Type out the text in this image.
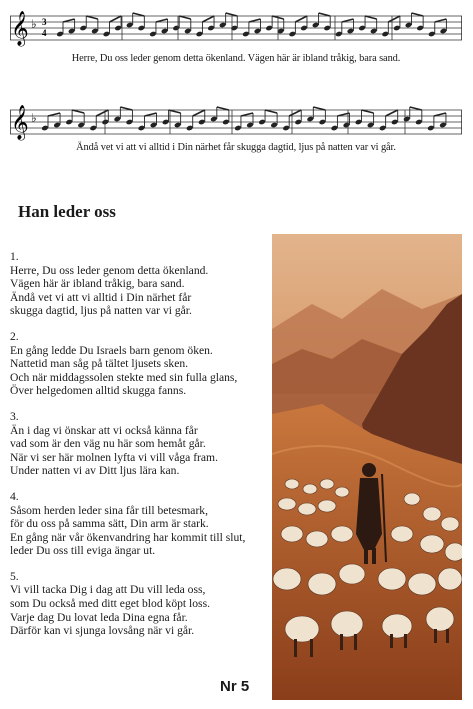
𝄞 ♭ 3
4
Herre, Du oss leder genom detta ökenland. Vägen här är ibland tråkig, bara sand.
𝄞 ♭
Ändå vet vi att vi alltid i Din närhet får skugga dagtid, ljus på natten var vi går.
Han leder oss
1.
Herre, Du oss leder genom detta ökenland.
Vägen här är ibland tråkig, bara sand.
Ändå vet vi att vi alltid i Din närhet får
skugga dagtid, ljus på natten var vi går.
2.
En gång ledde Du Israels barn genom öken.
Nattetid man såg på tältet ljusets sken.
Och när middagssolen stekte med sin fulla glans,
Över helgedomen alltid skugga fanns.
3.
Än i dag vi önskar att vi också känna får
vad som är den väg nu här som hemåt går.
När vi ser här molnen lyfta vi vill våga fram.
Under natten vi av Ditt ljus lära kan.
4.
Såsom herden leder sina får till betesmark,
för du oss på samma sätt, Din arm är stark.
En gång när vår ökenvandring har kommit till slut,
leder Du oss till eviga ängar ut.
5.
Vi vill tacka Dig i dag att Du vill leda oss,
som Du också med ditt eget blod köpt loss.
Varje dag Du lovat leda Dina egna får.
Därför kan vi sjunga lovsång när vi går.
Nr 5
